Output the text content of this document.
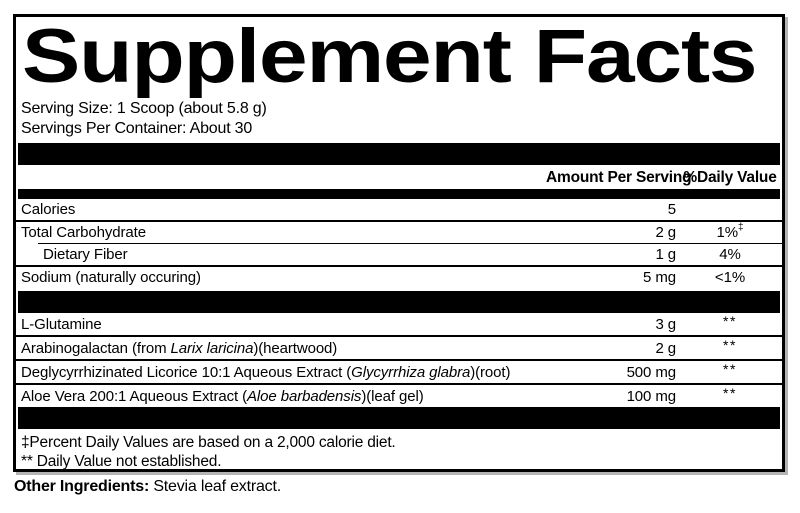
Supplement Facts
Serving Size: 1 Scoop (about 5.8 g)
Servings Per Container: About 30
Amount Per Serving
%Daily Value
Calories	5
Total Carbohydrate	2 g	1%‡
Dietary Fiber	1 g	4%
Sodium (naturally occuring)	5 mg	<1%
L-Glutamine	3 g	**
Arabinogalactan (from Larix laricina)(heartwood)	2 g	**
Deglycyrrhizinated Licorice 10:1 Aqueous Extract (Glycyrrhiza glabra)(root)	500 mg	**
Aloe Vera 200:1 Aqueous Extract (Aloe barbadensis)(leaf gel)	100 mg	**
‡Percent Daily Values are based on a 2,000 calorie diet.
** Daily Value not established.
Other Ingredients: Stevia leaf extract.
